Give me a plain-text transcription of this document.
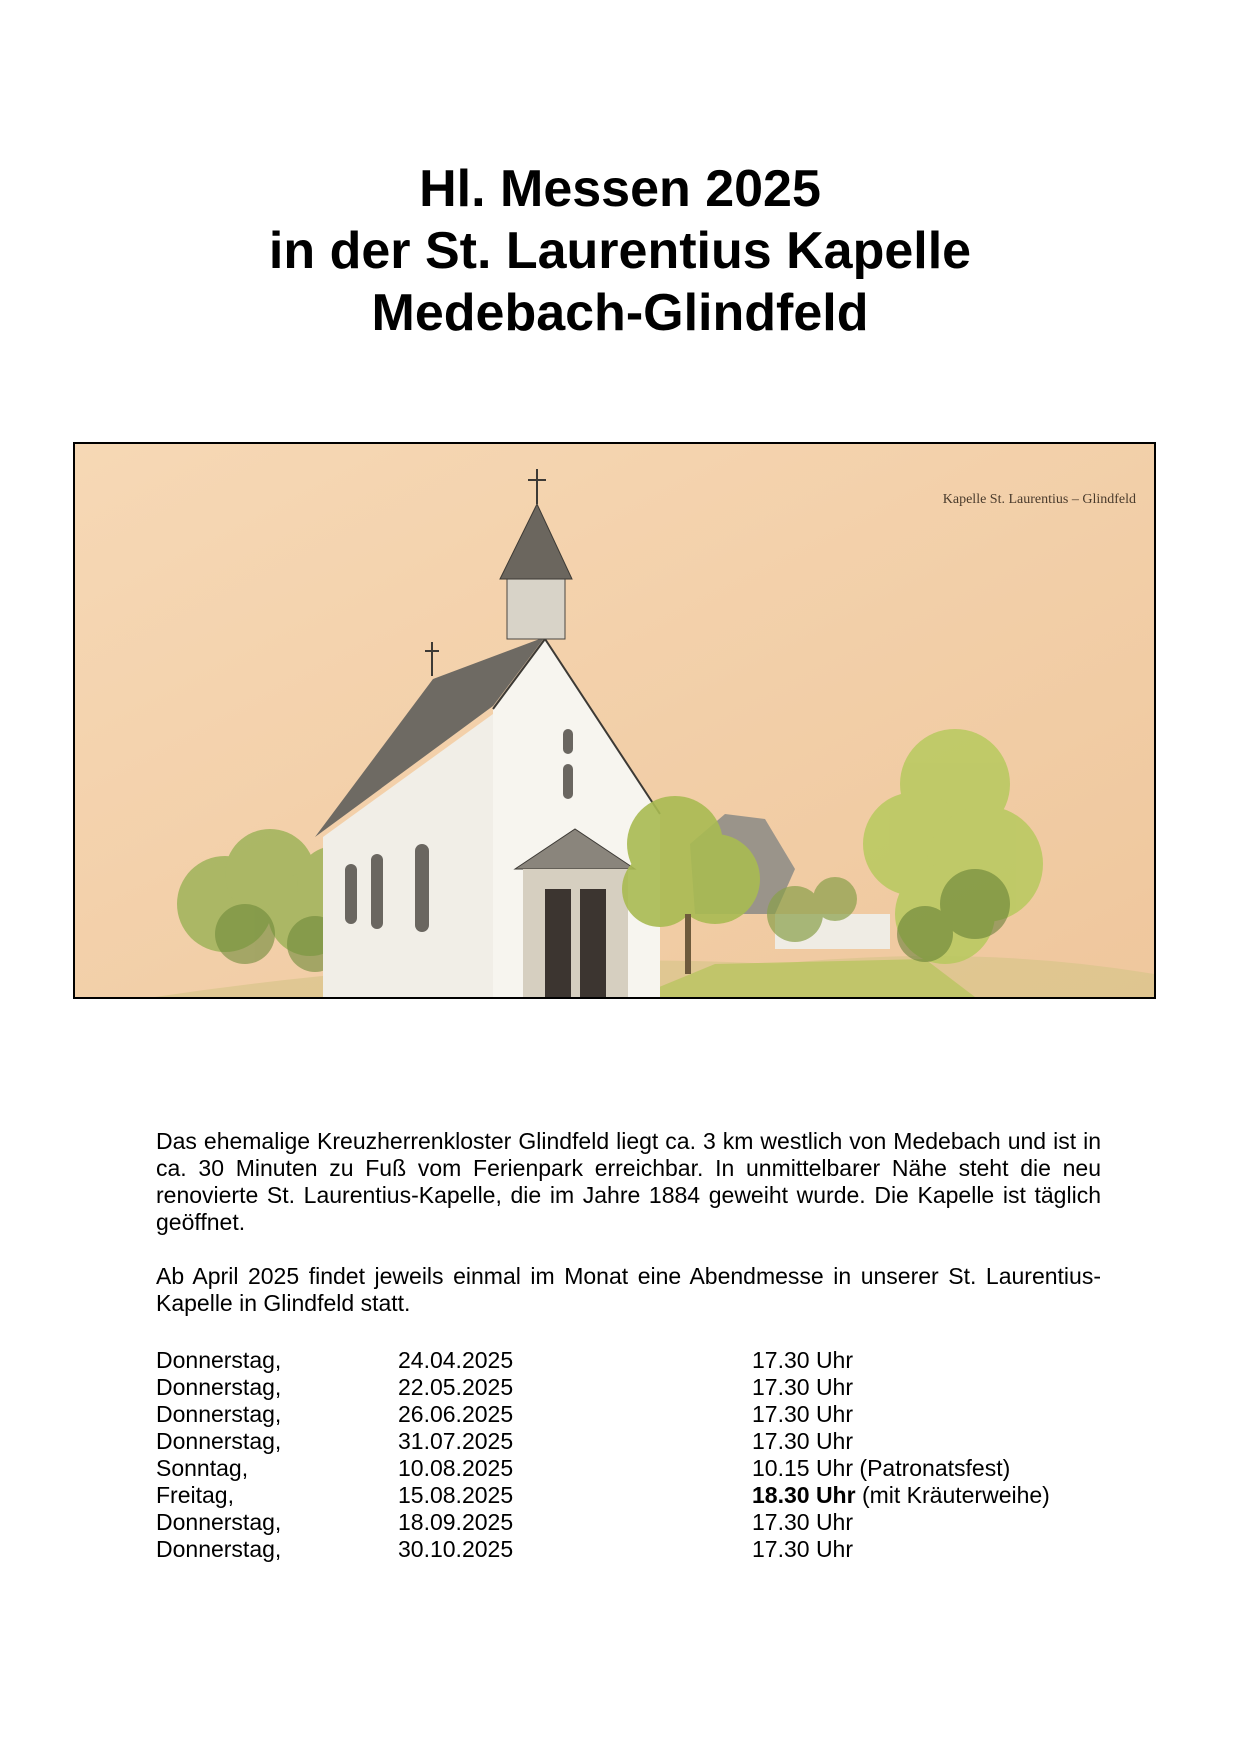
Hl. Messen 2025
in der St. Laurentius Kapelle
Medebach-Glindfeld
Kapelle St. Laurentius – Glindfeld

Das ehemalige Kreuzherrenkloster Glindfeld liegt ca. 3 km westlich von Medebach und ist in ca. 30 Minuten zu Fuß vom Ferienpark erreichbar. In unmittelbarer Nähe steht die neu renovierte St. Laurentius-Kapelle, die im Jahre 1884 geweiht wurde. Die Kapelle ist täglich geöffnet.

Ab April 2025 findet jeweils einmal im Monat eine Abendmesse in unserer St. Laurentius-Kapelle in Glindfeld statt.

Donnerstag,	24.04.2025	17.30 Uhr
Donnerstag,	22.05.2025	17.30 Uhr
Donnerstag,	26.06.2025	17.30 Uhr
Donnerstag,	31.07.2025	17.30 Uhr
Sonntag,	10.08.2025	10.15 Uhr (Patronatsfest)
Freitag,	15.08.2025	18.30 Uhr (mit Kräuterweihe)
Donnerstag,	18.09.2025	17.30 Uhr
Donnerstag,	30.10.2025	17.30 Uhr
